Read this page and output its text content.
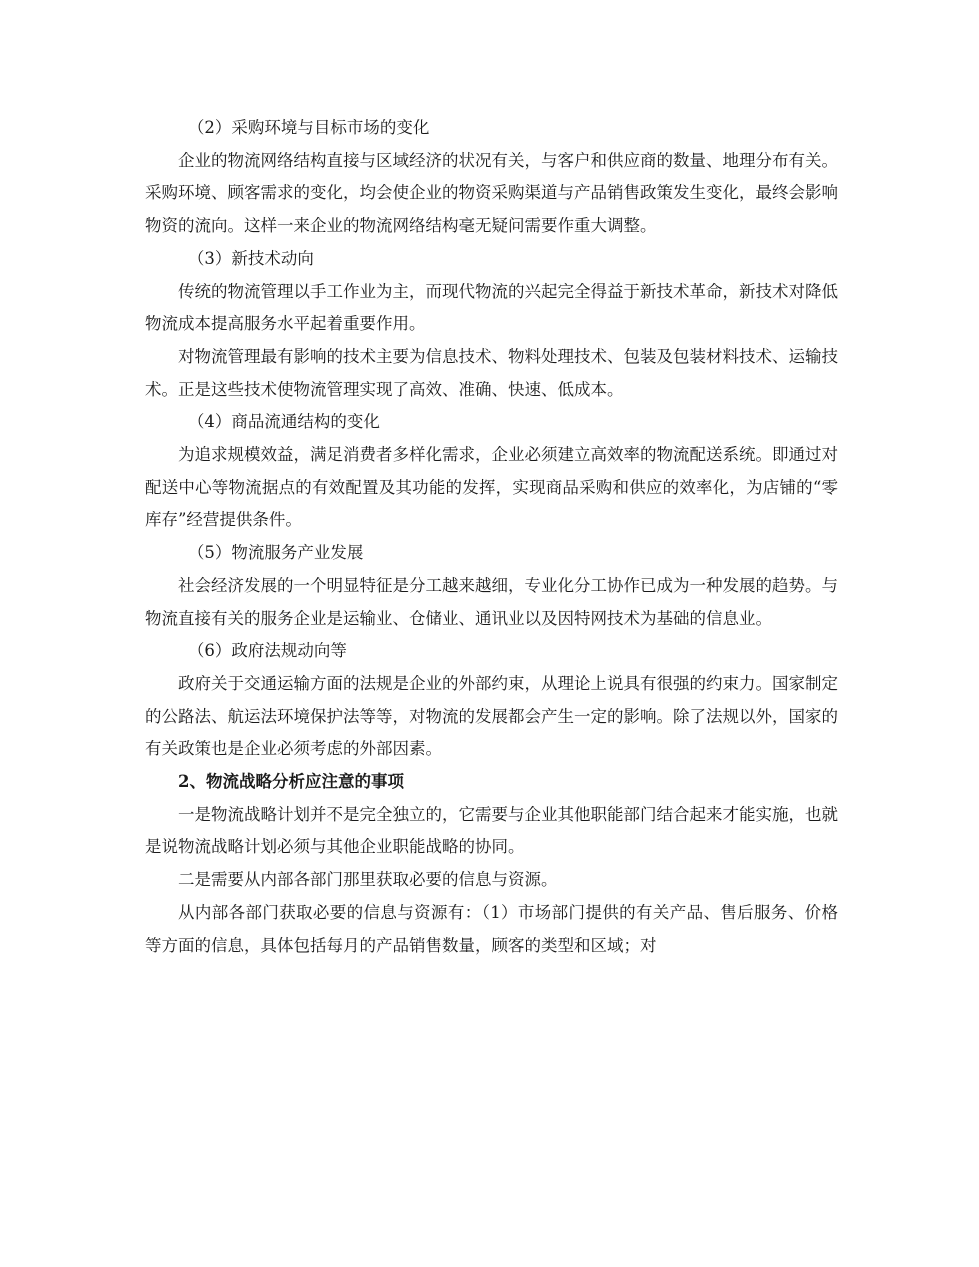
（2）采购环境与目标市场的变化

企业的物流网络结构直接与区域经济的状况有关，与客户和供应商的数量、地理分布有关。采购环境、顾客需求的变化，均会使企业的物资采购渠道与产品销售政策发生变化，最终会影响物资的流向。这样一来企业的物流网络结构毫无疑问需要作重大调整。

（3）新技术动向

传统的物流管理以手工作业为主，而现代物流的兴起完全得益于新技术革命，新技术对降低物流成本提高服务水平起着重要作用。

对物流管理最有影响的技术主要为信息技术、物料处理技术、包装及包装材料技术、运输技术。正是这些技术使物流管理实现了高效、准确、快速、低成本。

（4）商品流通结构的变化

为追求规模效益，满足消费者多样化需求，企业必须建立高效率的物流配送系统。即通过对配送中心等物流据点的有效配置及其功能的发挥，实现商品采购和供应的效率化，为店铺的“零库存”经营提供条件。

（5）物流服务产业发展

社会经济发展的一个明显特征是分工越来越细，专业化分工协作已成为一种发展的趋势。与物流直接有关的服务企业是运输业、仓储业、通讯业以及因特网技术为基础的信息业。

（6）政府法规动向等

政府关于交通运输方面的法规是企业的外部约束，从理论上说具有很强的约束力。国家制定的公路法、航运法环境保护法等等，对物流的发展都会产生一定的影响。除了法规以外，国家的有关政策也是企业必须考虑的外部因素。

2、物流战略分析应注意的事项

一是物流战略计划并不是完全独立的，它需要与企业其他职能部门结合起来才能实施，也就是说物流战略计划必须与其他企业职能战略的协同。

二是需要从内部各部门那里获取必要的信息与资源。

从内部各部门获取必要的信息与资源有：（1）市场部门提供的有关产品、售后服务、价格等方面的信息，具体包括每月的产品销售数量，顾客的类型和区域；对
